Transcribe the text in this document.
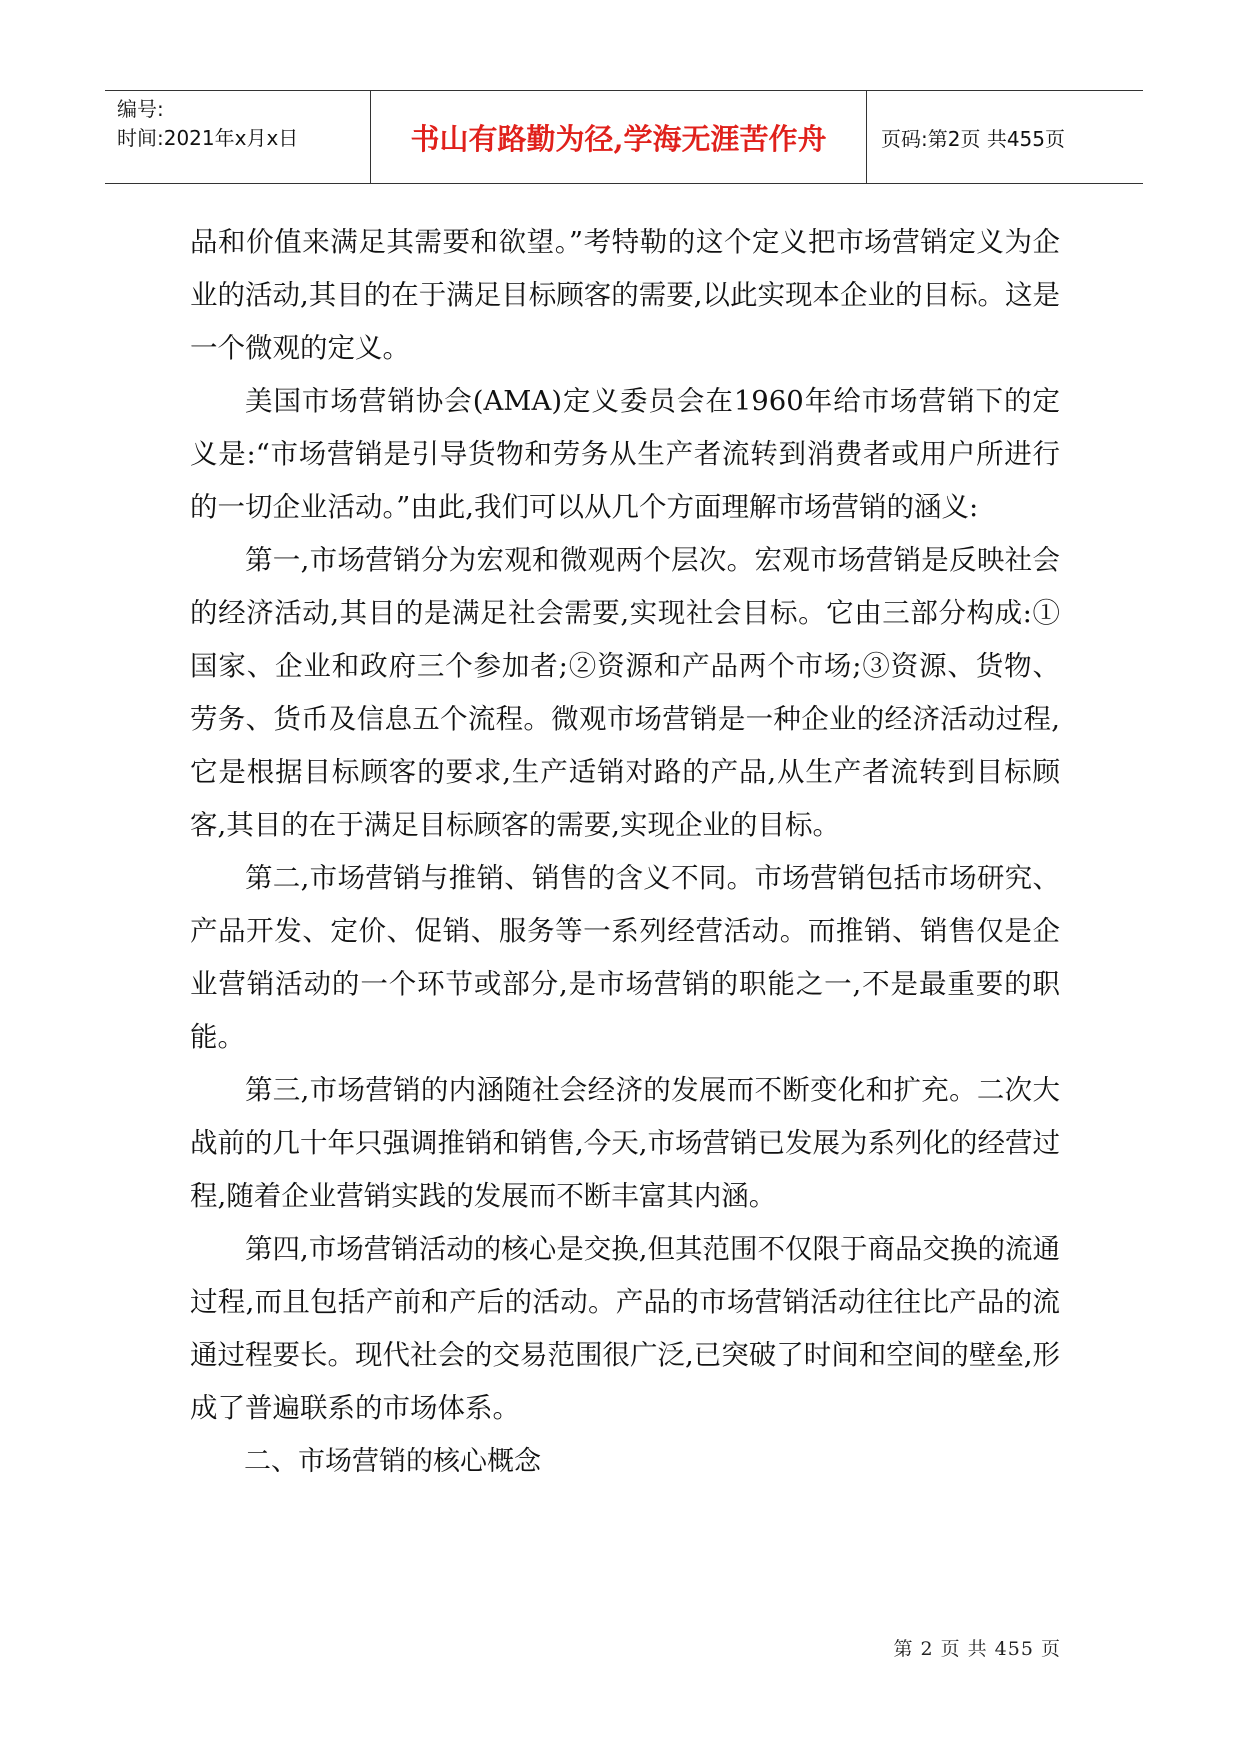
编号:
时间:2021年x月x日	书山有路勤为径,学海无涯苦作舟	页码:第2页 共455页

品和价值来满足其需要和欲望。”考特勒的这个定义把市场营销定义为企业的活动,其目的在于满足目标顾客的需要,以此实现本企业的目标。这是一个微观的定义。

美国市场营销协会(AMA)定义委员会在1960年给市场营销下的定义是:“市场营销是引导货物和劳务从生产者流转到消费者或用户所进行的一切企业活动。”由此,我们可以从几个方面理解市场营销的涵义:

第一,市场营销分为宏观和微观两个层次。宏观市场营销是反映社会的经济活动,其目的是满足社会需要,实现社会目标。它由三部分构成:①国家、企业和政府三个参加者;②资源和产品两个市场;③资源、货物、劳务、货币及信息五个流程。微观市场营销是一种企业的经济活动过程,它是根据目标顾客的要求,生产适销对路的产品,从生产者流转到目标顾客,其目的在于满足目标顾客的需要,实现企业的目标。

第二,市场营销与推销、销售的含义不同。市场营销包括市场研究、产品开发、定价、促销、服务等一系列经营活动。而推销、销售仅是企业营销活动的一个环节或部分,是市场营销的职能之一,不是最重要的职能。

第三,市场营销的内涵随社会经济的发展而不断变化和扩充。二次大战前的几十年只强调推销和销售,今天,市场营销已发展为系列化的经营过程,随着企业营销实践的发展而不断丰富其内涵。

第四,市场营销活动的核心是交换,但其范围不仅限于商品交换的流通过程,而且包括产前和产后的活动。产品的市场营销活动往往比产品的流通过程要长。现代社会的交易范围很广泛,已突破了时间和空间的壁垒,形成了普遍联系的市场体系。

二、市场营销的核心概念

第 2 页 共 455 页
